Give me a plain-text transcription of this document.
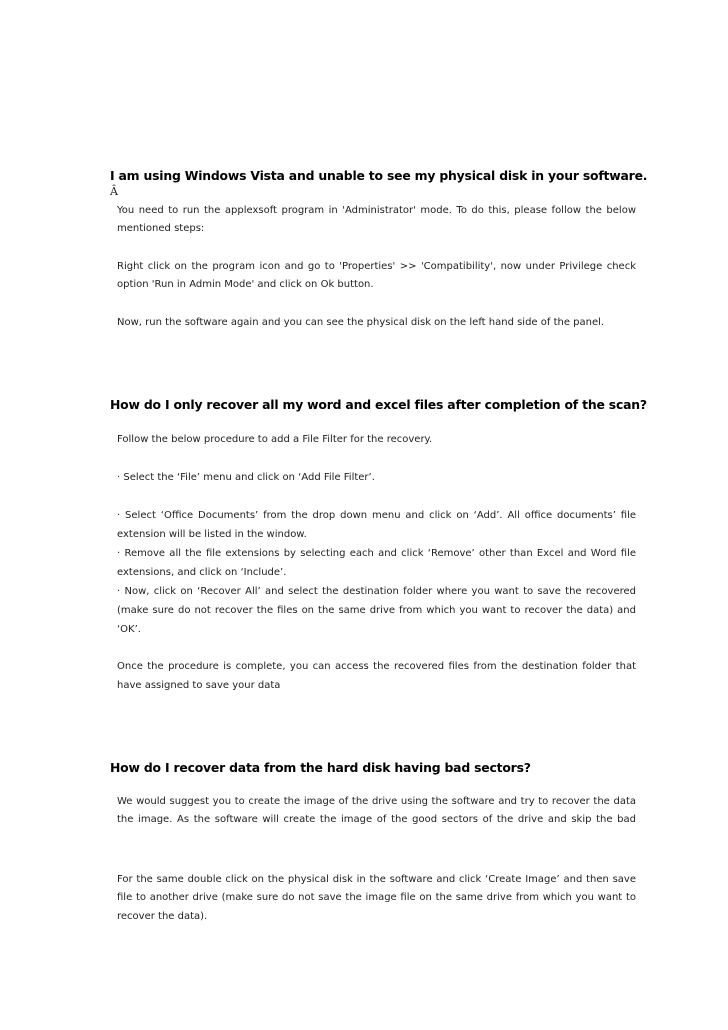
I am using Windows Vista and unable to see my physical disk in your software.
Â
You need to run the applexsoft program in 'Administrator' mode. To do this, please follow the below
mentioned steps:
Right click on the program icon and go to 'Properties' >> 'Compatibility', now under Privilege check
option 'Run in Admin Mode' and click on Ok button.
Now, run the software again and you can see the physical disk on the left hand side of the panel.
How do I only recover all my word and excel files after completion of the scan?
Follow the below procedure to add a File Filter for the recovery.
· Select the ‘File’ menu and click on ‘Add File Filter’.
· Select ‘Office Documents’ from the drop down menu and click on ‘Add’. All office documents’ file
extension will be listed in the window.
· Remove all the file extensions by selecting each and click ‘Remove’ other than Excel and Word file
extensions, and click on ‘Include’.
· Now, click on ‘Recover All’ and select the destination folder where you want to save the recovered
(make sure do not recover the files on the same drive from which you want to recover the data) and
‘OK’.
Once the procedure is complete, you can access the recovered files from the destination folder that
have assigned to save your data
How do I recover data from the hard disk having bad sectors?
We would suggest you to create the image of the drive using the software and try to recover the data
the image. As the software will create the image of the good sectors of the drive and skip the bad
For the same double click on the physical disk in the software and click ‘Create Image’ and then save
file to another drive (make sure do not save the image file on the same drive from which you want to
recover the data).
